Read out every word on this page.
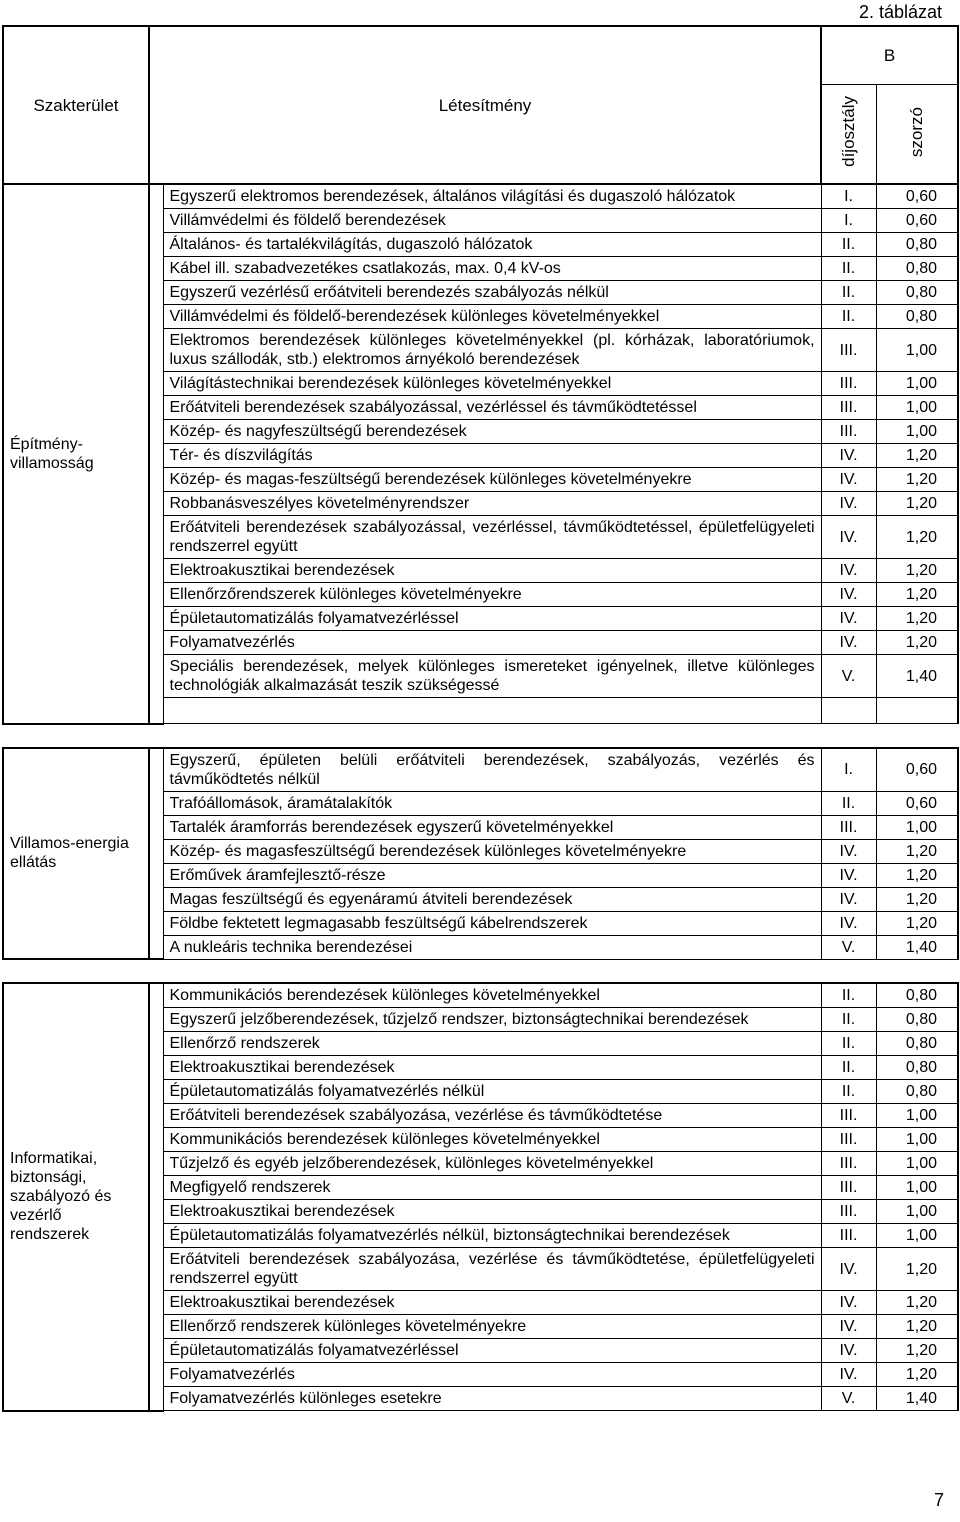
2. táblázat
Szakterület	Létesítmény		B	
			díjosztály	szorzó
Építmény-villamosság		Egyszerű elektromos berendezések, általános világítási és dugaszoló hálózatok	I.	0,60
		Villámvédelmi és földelő berendezések	I.	0,60
		Általános- és tartalékvilágítás, dugaszoló hálózatok	II.	0,80
		Kábel ill. szabadvezetékes csatlakozás, max. 0,4 kV-os	II.	0,80
		Egyszerű vezérlésű erőátviteli berendezés szabályozás nélkül	II.	0,80
		Villámvédelmi és földelő-berendezések különleges követelményekkel	II.	0,80
		Elektromos berendezések különleges követelményekkel (pl. kórházak, laboratóriumok, luxus szállodák, stb.) elektromos árnyékoló berendezések	III.	1,00
		Világítástechnikai berendezések különleges követelményekkel	III.	1,00
		Erőátviteli berendezések szabályozással, vezérléssel és távműködtetéssel	III.	1,00
		Közép- és nagyfeszültségű berendezések	III.	1,00
		Tér- és díszvilágítás	IV.	1,20
		Közép- és magas-feszültségű berendezések különleges követelményekre	IV.	1,20
		Robbanásveszélyes követelményrendszer	IV.	1,20
		Erőátviteli berendezések szabályozással, vezérléssel, távműködtetéssel, épületfelügyeleti rendszerrel együtt	IV.	1,20
		Elektroakusztikai berendezések	IV.	1,20
		Ellenőrzőrendszerek különleges követelményekre	IV.	1,20
		Épületautomatizálás folyamatvezérléssel	IV.	1,20
		Folyamatvezérlés	IV.	1,20
		Speciális berendezések, melyek különleges ismereteket igényelnek, illetve különleges technológiák alkalmazását teszik szükségessé	V.	1,40

Villamos-energia ellátás		Egyszerű, épületen belüli erőátviteli berendezések, szabályozás, vezérlés és távműködtetés nélkül	I.	0,60
		Trafóállomások, áramátalakítók	II.	0,60
		Tartalék áramforrás berendezések egyszerű követelményekkel	III.	1,00
		Közép- és magasfeszültségű berendezések különleges követelményekre	IV.	1,20
		Erőművek áramfejlesztő-része	IV.	1,20
		Magas feszültségű és egyenáramú átviteli berendezések	IV.	1,20
		Földbe fektetett legmagasabb feszültségű kábelrendszerek	IV.	1,20
		A nukleáris technika berendezései	V.	1,40

Informatikai, biztonsági, szabályozó és vezérlő rendszerek		Kommunikációs berendezések különleges követelményekkel	II.	0,80
		Egyszerű jelzőberendezések, tűzjelző rendszer, biztonságtechnikai berendezések	II.	0,80
		Ellenőrző rendszerek	II.	0,80
		Elektroakusztikai berendezések	II.	0,80
		Épületautomatizálás folyamatvezérlés nélkül	II.	0,80
		Erőátviteli berendezések szabályozása, vezérlése és távműködtetése	III.	1,00
		Kommunikációs berendezések különleges követelményekkel	III.	1,00
		Tűzjelző és egyéb jelzőberendezések, különleges követelményekkel	III.	1,00
		Megfigyelő rendszerek	III.	1,00
		Elektroakusztikai berendezések	III.	1,00
		Épületautomatizálás folyamatvezérlés nélkül, biztonságtechnikai berendezések	III.	1,00
		Erőátviteli berendezések szabályozása, vezérlése és távműködtetése, épületfelügyeleti rendszerrel együtt	IV.	1,20
		Elektroakusztikai berendezések	IV.	1,20
		Ellenőrző rendszerek különleges követelményekre	IV.	1,20
		Épületautomatizálás folyamatvezérléssel	IV.	1,20
		Folyamatvezérlés	IV.	1,20
		Folyamatvezérlés különleges esetekre	V.	1,40
7
